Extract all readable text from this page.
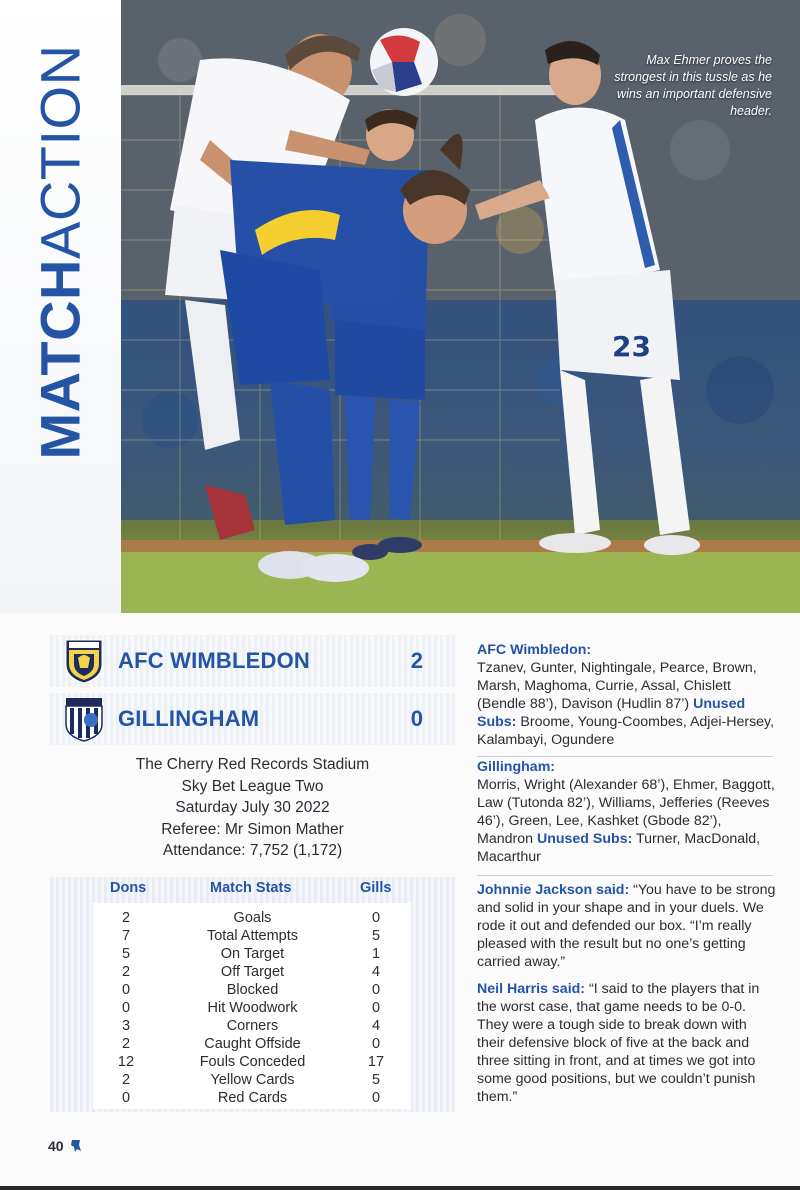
23
MATCHACTION	Max Ehmer proves the strongest in this tussle as he wins an important defensive header.
AFC WIMBLEDON	2
GILLINGHAM	0
The Cherry Red Records Stadium
Sky Bet League Two
Saturday July 30 2022
Referee: Mr Simon Mather
Attendance: 7,752 (1,172)
Dons	Match Stats	Gills
2	Goals	0
7	Total Attempts	5
5	On Target	1
2	Off Target	4
0	Blocked	0
0	Hit Woodwork	0
3	Corners	4
2	Caught Offside	0
12	Fouls Conceded	17
2	Yellow Cards	5
0	Red Cards	0

AFC Wimbledon:
Tzanev, Gunter, Nightingale, Pearce, Brown, Marsh, Maghoma, Currie, Assal, Chislett (Bendle 88’), Davison (Hudlin 87’) Unused Subs: Broome, Young-Coombes, Adjei-Hersey, Kalambayi, Ogundere

Gillingham:
Morris, Wright (Alexander 68’), Ehmer, Baggott, Law (Tutonda 82’), Williams, Jefferies (Reeves 46’), Green, Lee, Kashket (Gbode 82’), Mandron Unused Subs: Turner, MacDonald, Macarthur

Johnnie Jackson said: “You have to be strong and solid in your shape and in your duels. We rode it out and defended our box. “I’m really pleased with the result but no one’s getting carried away.”

Neil Harris said: “I said to the players that in the worst case, that game needs to be 0-0. They were a tough side to break down with their defensive block of five at the back and three sitting in front, and at times we got into some good positions, but we couldn’t punish them.”

40
